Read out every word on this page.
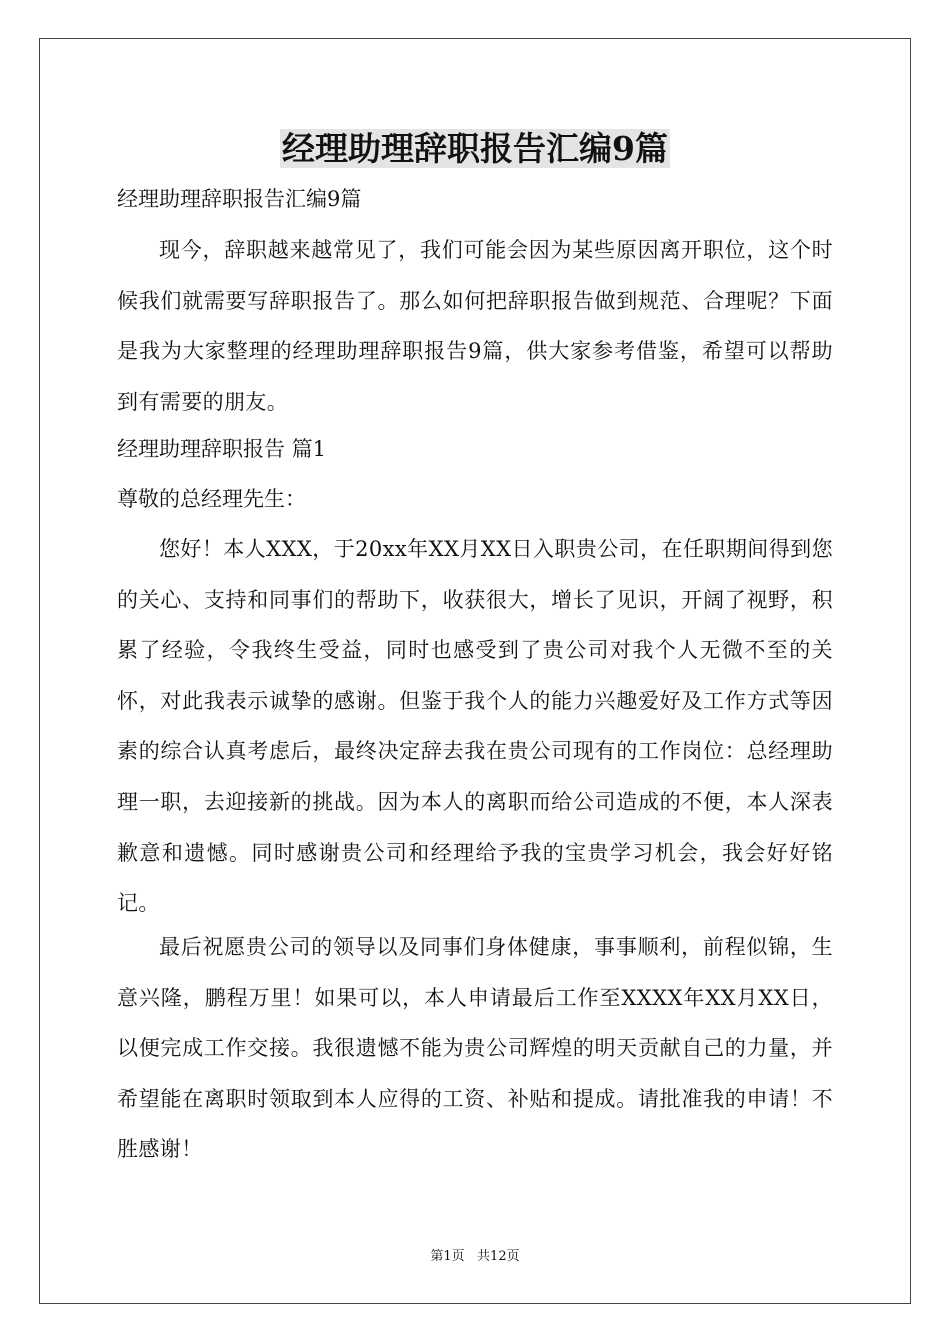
经理助理辞职报告汇编9篇
经理助理辞职报告汇编9篇

现今，辞职越来越常见了，我们可能会因为某些原因离开职位，这个时候我们就需要写辞职报告了。那么如何把辞职报告做到规范、合理呢？下面是我为大家整理的经理助理辞职报告9篇，供大家参考借鉴，希望可以帮助到有需要的朋友。

经理助理辞职报告 篇1
尊敬的总经理先生：

您好！本人XXX，于20xx年XX月XX日入职贵公司，在任职期间得到您的关心、支持和同事们的帮助下，收获很大，增长了见识，开阔了视野，积累了经验，令我终生受益，同时也感受到了贵公司对我个人无微不至的关怀，对此我表示诚挚的感谢。但鉴于我个人的能力兴趣爱好及工作方式等因素的综合认真考虑后，最终决定辞去我在贵公司现有的工作岗位：总经理助理一职，去迎接新的挑战。因为本人的离职而给公司造成的不便，本人深表歉意和遗憾。同时感谢贵公司和经理给予我的宝贵学习机会，我会好好铭记。

最后祝愿贵公司的领导以及同事们身体健康，事事顺利，前程似锦，生意兴隆，鹏程万里！如果可以，本人申请最后工作至XXXX年XX月XX日，以便完成工作交接。我很遗憾不能为贵公司辉煌的明天贡献自己的力量，并希望能在离职时领取到本人应得的工资、补贴和提成。请批准我的申请！不胜感谢！

第1页   共12页
